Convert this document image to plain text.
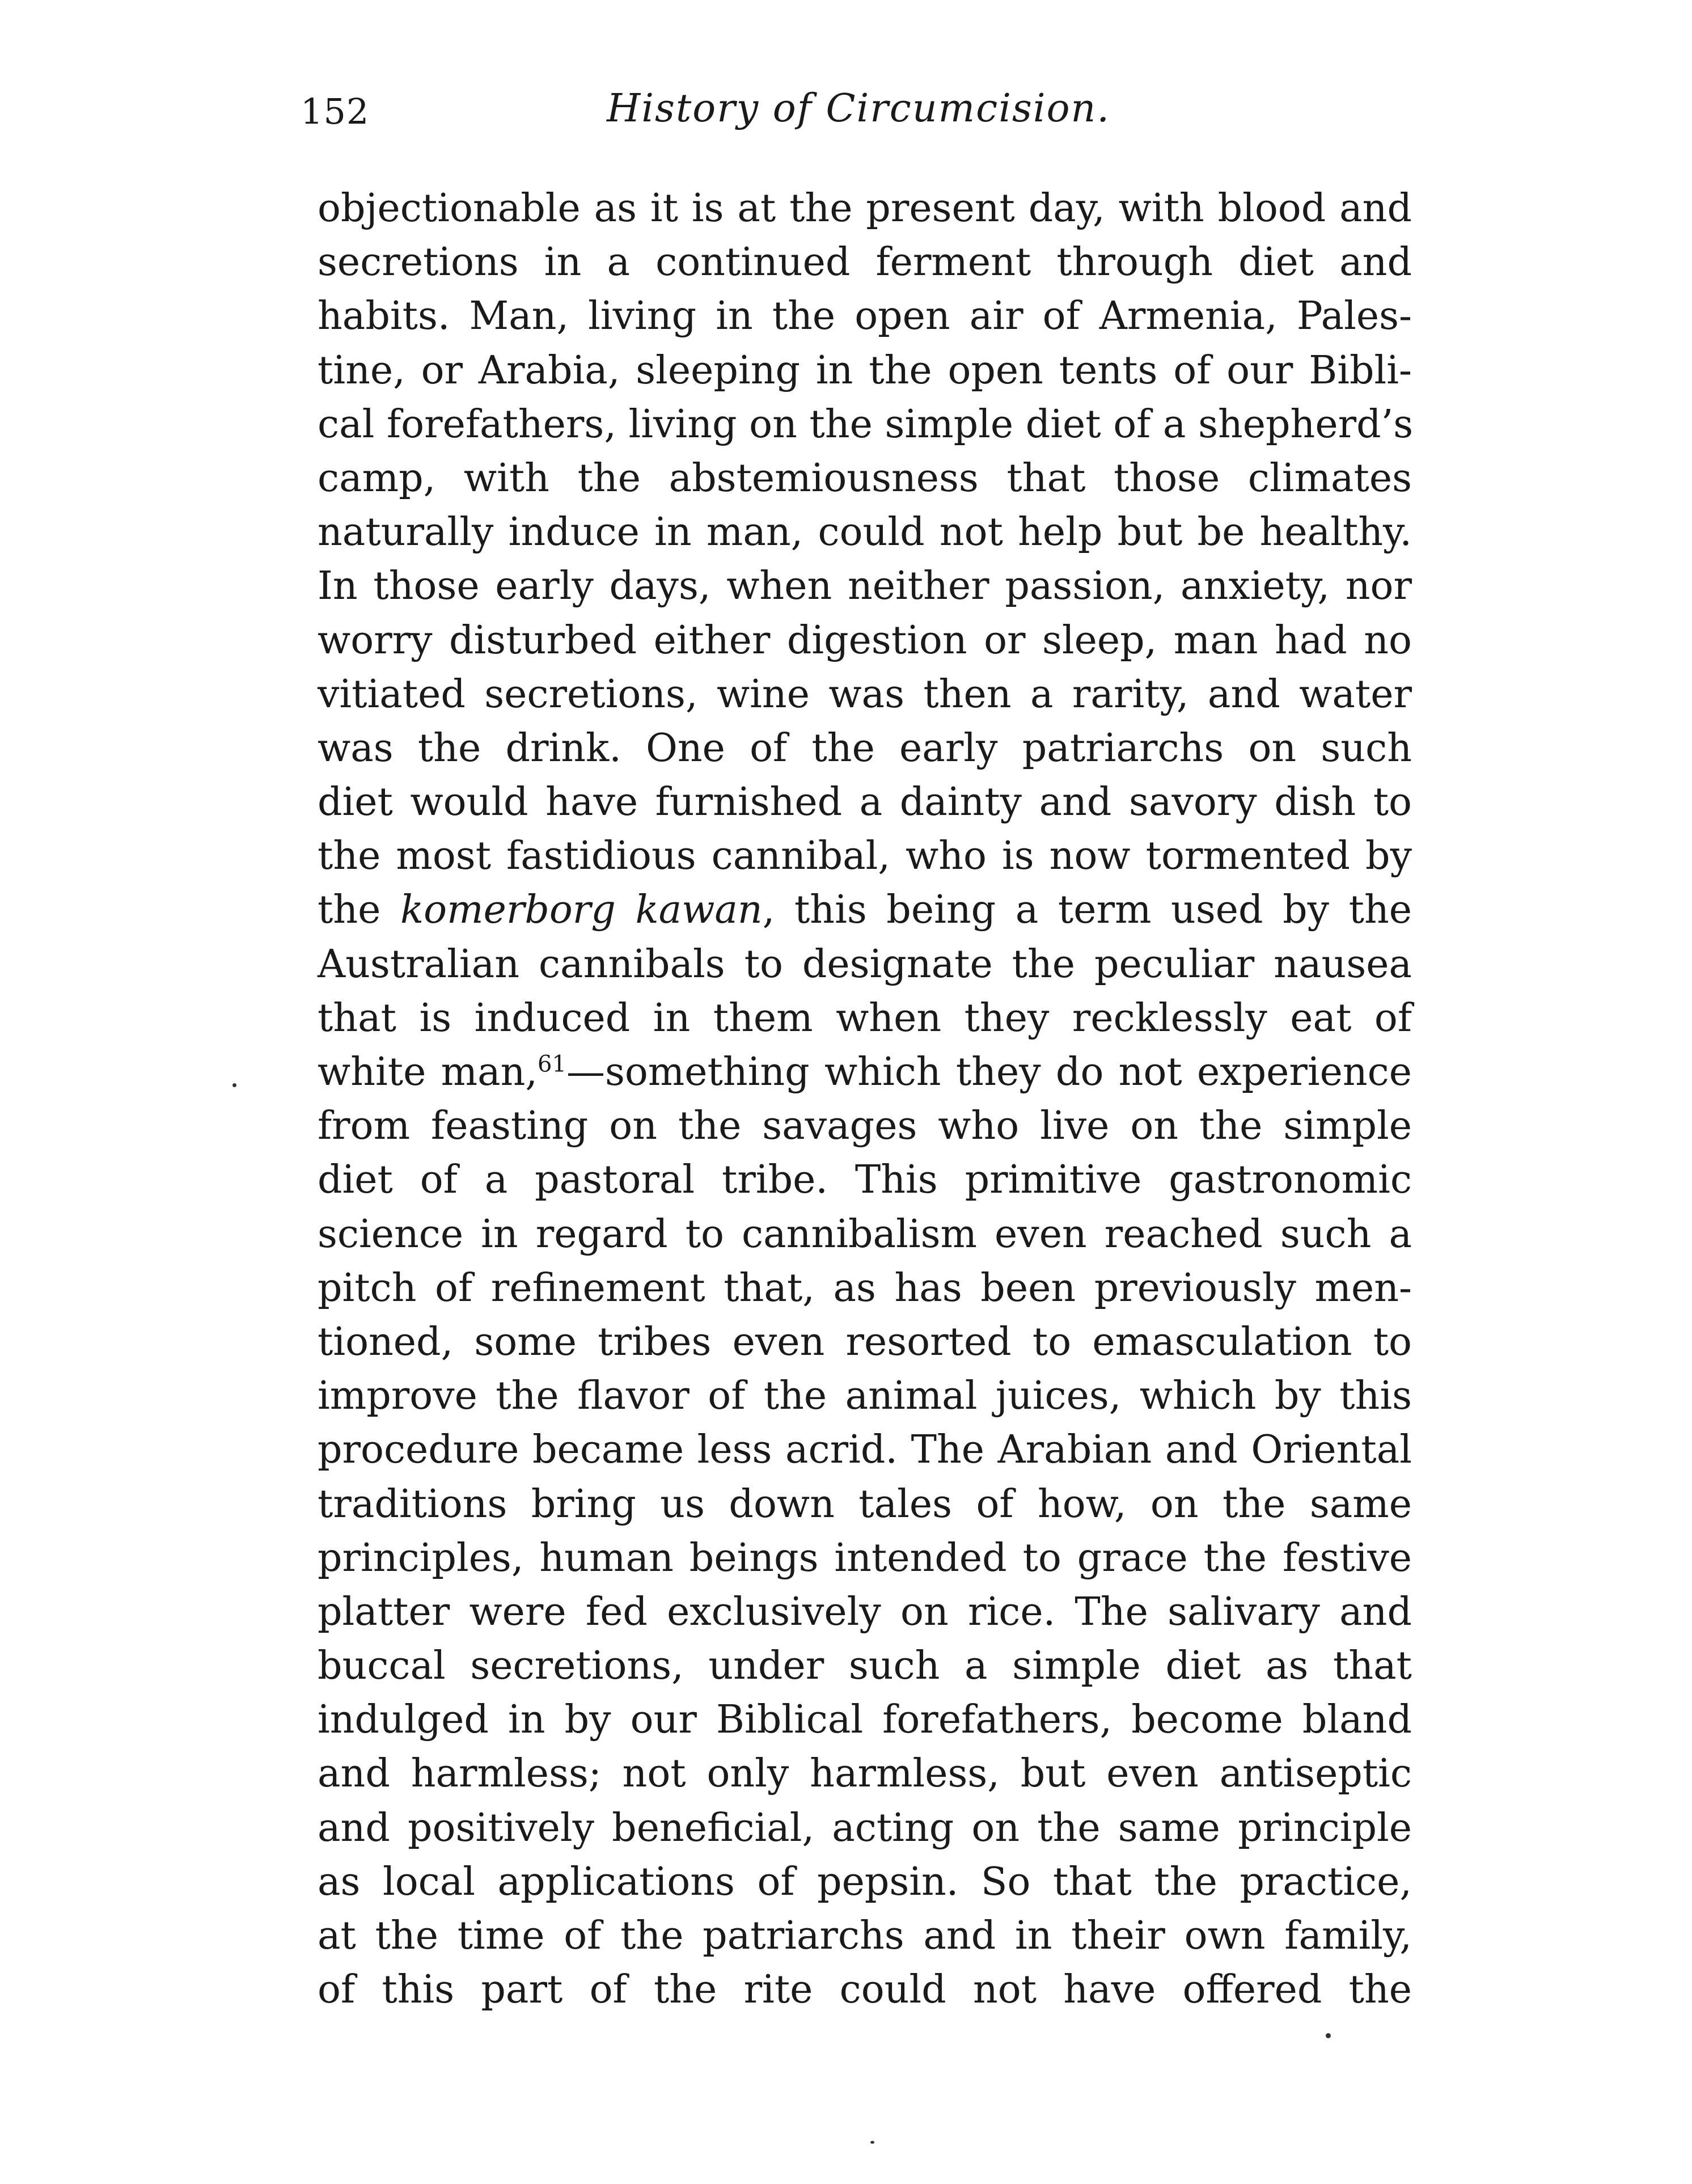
152	History of Circumcision.
objectionable as it is at the present day, with blood and
secretions in a continued ferment through diet and
habits. Man, living in the open air of Armenia, Pales-
tine, or Arabia, sleeping in the open tents of our Bibli-
cal forefathers, living on the simple diet of a shepherd’s
camp, with the abstemiousness that those climates
naturally induce in man, could not help but be healthy.
In those early days, when neither passion, anxiety, nor
worry disturbed either digestion or sleep, man had no
vitiated secretions, wine was then a rarity, and water
was the drink. One of the early patriarchs on such
diet would have furnished a dainty and savory dish to
the most fastidious cannibal, who is now tormented by
the komerborg kawan, this being a term used by the
Australian cannibals to designate the peculiar nausea
that is induced in them when they recklessly eat of
white man,$^{61}$—something which they do not experience
from feasting on the savages who live on the simple
diet of a pastoral tribe. This primitive gastronomic
science in regard to cannibalism even reached such a
pitch of refinement that, as has been previously men-
tioned, some tribes even resorted to emasculation to
improve the flavor of the animal juices, which by this
procedure became less acrid. The Arabian and Oriental
traditions bring us down tales of how, on the same
principles, human beings intended to grace the festive
platter were fed exclusively on rice. The salivary and
buccal secretions, under such a simple diet as that
indulged in by our Biblical forefathers, become bland
and harmless; not only harmless, but even antiseptic
and positively beneficial, acting on the same principle
as local applications of pepsin. So that the practice,
at the time of the patriarchs and in their own family,
of this part of the rite could not have offered the
